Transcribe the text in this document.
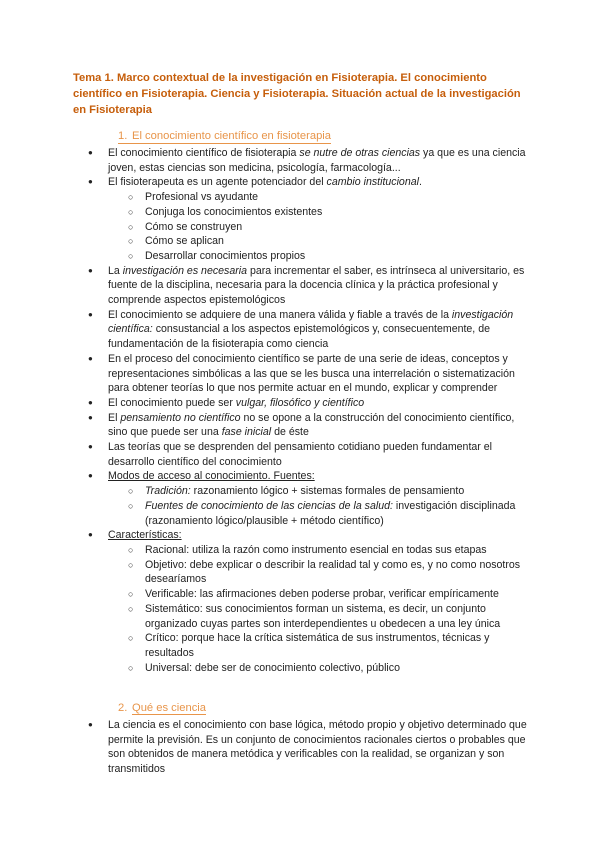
Tema 1. Marco contextual de la investigación en Fisioterapia. El conocimiento científico en Fisioterapia. Ciencia y Fisioterapia. Situación actual de la investigación en Fisioterapia
1. El conocimiento científico en fisioterapia
● El conocimiento científico de fisioterapia se nutre de otras ciencias ya que es una ciencia joven, estas ciencias son medicina, psicología, farmacología...
● El fisioterapeuta es un agente potenciador del cambio institucional.
○ Profesional vs ayudante
○ Conjuga los conocimientos existentes
○ Cómo se construyen
○ Cómo se aplican
○ Desarrollar conocimientos propios
● La investigación es necesaria para incrementar el saber, es intrínseca al universitario, es fuente de la disciplina, necesaria para la docencia clínica y la práctica profesional y comprende aspectos epistemológicos
● El conocimiento se adquiere de una manera válida y fiable a través de la investigación científica: consustancial a los aspectos epistemológicos y, consecuentemente, de fundamentación de la fisioterapia como ciencia
● En el proceso del conocimiento científico se parte de una serie de ideas, conceptos y representaciones simbólicas a las que se les busca una interrelación o sistematización para obtener teorías lo que nos permite actuar en el mundo, explicar y comprender
● El conocimiento puede ser vulgar, filosófico y científico
● El pensamiento no científico no se opone a la construcción del conocimiento científico, sino que puede ser una fase inicial de éste
● Las teorías que se desprenden del pensamiento cotidiano pueden fundamentar el desarrollo científico del conocimiento
● Modos de acceso al conocimiento. Fuentes:
○ Tradición: razonamiento lógico + sistemas formales de pensamiento
○ Fuentes de conocimiento de las ciencias de la salud: investigación disciplinada (razonamiento lógico/plausible + método científico)
● Características:
○ Racional: utiliza la razón como instrumento esencial en todas sus etapas
○ Objetivo: debe explicar o describir la realidad tal y como es, y no como nosotros desearíamos
○ Verificable: las afirmaciones deben poderse probar, verificar empíricamente
○ Sistemático: sus conocimientos forman un sistema, es decir, un conjunto organizado cuyas partes son interdependientes u obedecen a una ley única
○ Crítico: porque hace la crítica sistemática de sus instrumentos, técnicas y resultados
○ Universal: debe ser de conocimiento colectivo, público
2. Qué es ciencia
● La ciencia es el conocimiento con base lógica, método propio y objetivo determinado que permite la previsión. Es un conjunto de conocimientos racionales ciertos o probables que son obtenidos de manera metódica y verificables con la realidad, se organizan y son transmitidos
